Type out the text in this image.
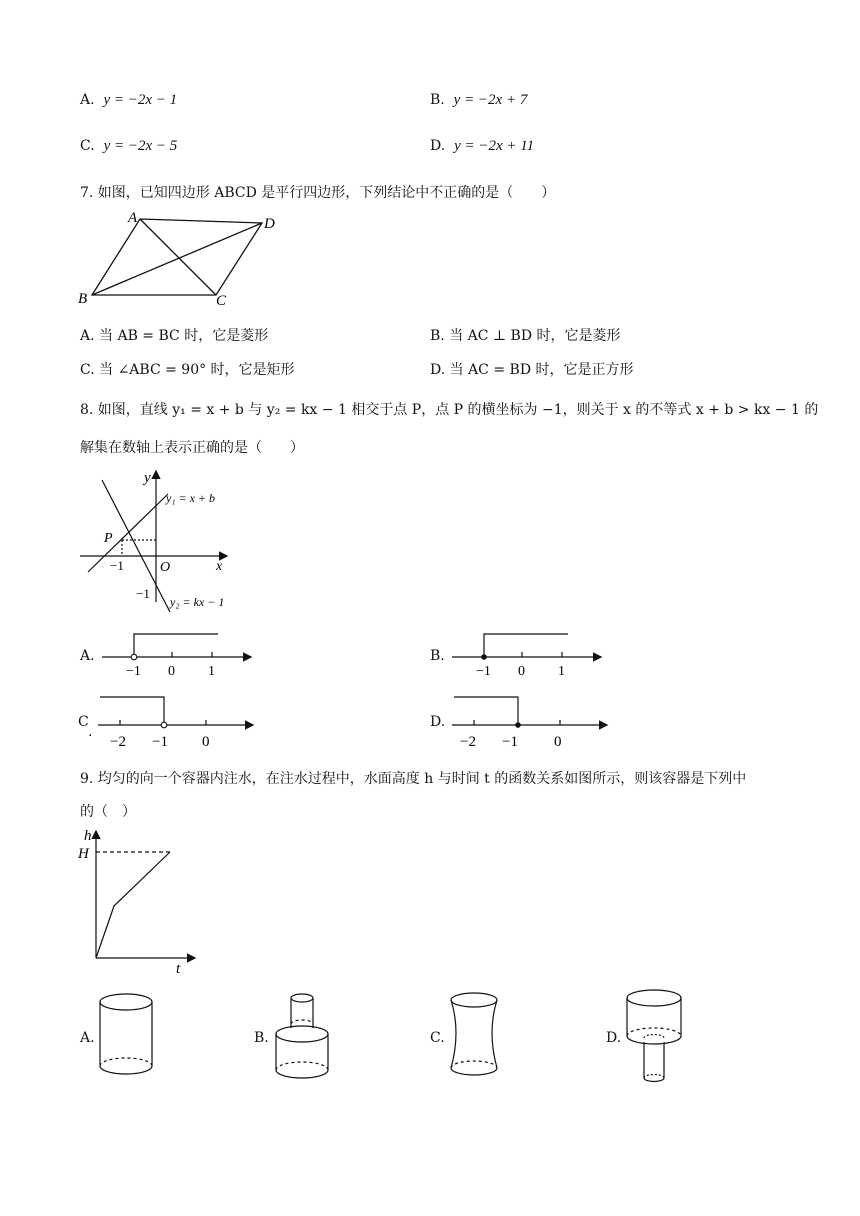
A. y = −2x − 1	B. y = −2x + 7
C. y = −2x − 5	D. y = −2x + 11
7. 如图，已知四边形 ABCD 是平行四边形，下列结论中不正确的是（　　）
A	D
B	C
A. 当 AB = BC 时，它是菱形	B. 当 AC ⊥ BD 时，它是菱形
C. 当 ∠ABC = 90° 时，它是矩形	D. 当 AC = BD 时，它是正方形
8. 如图，直线 y₁ = x + b 与 y₂ = kx − 1 相交于点 P，点 P 的横坐标为 −1，则关于 x 的不等式 x + b > kx − 1 的
解集在数轴上表示正确的是（　　）
y
x
O
P
−1
−1
y₁ = x + b
y₂ = kx − 1
A.
−1 0 1
B.
−1 0 1
C
.
−2 −1 0
D.
−2 −1 0
9. 均匀的向一个容器内注水，在注水过程中，水面高度 h 与时间 t 的函数关系如图所示，则该容器是下列中
的（　）
h
H
t
A.	B.	C.	D.
